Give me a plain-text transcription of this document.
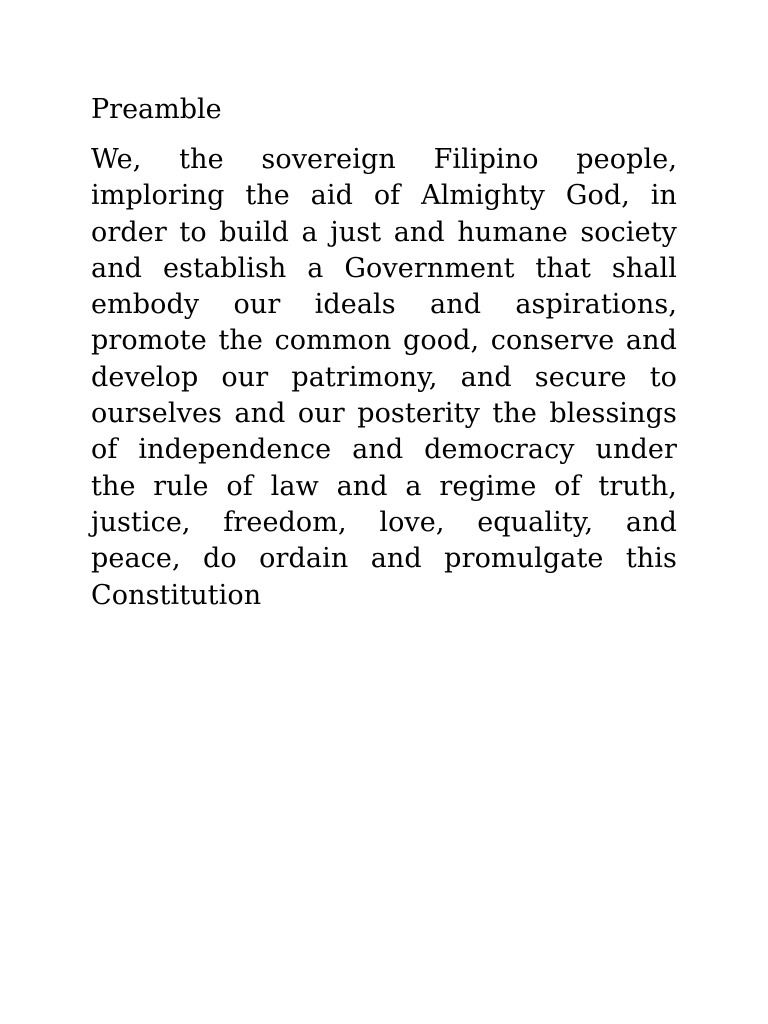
Preamble

We, the sovereign Filipino people, imploring the aid of Almighty God, in order to build a just and humane society and establish a Government that shall embody our ideals and aspirations, promote the common good, conserve and develop our patrimony, and secure to ourselves and our posterity the blessings of independence and democracy under the rule of law and a regime of truth, justice, freedom, love, equality, and peace, do ordain and promulgate this Constitution
